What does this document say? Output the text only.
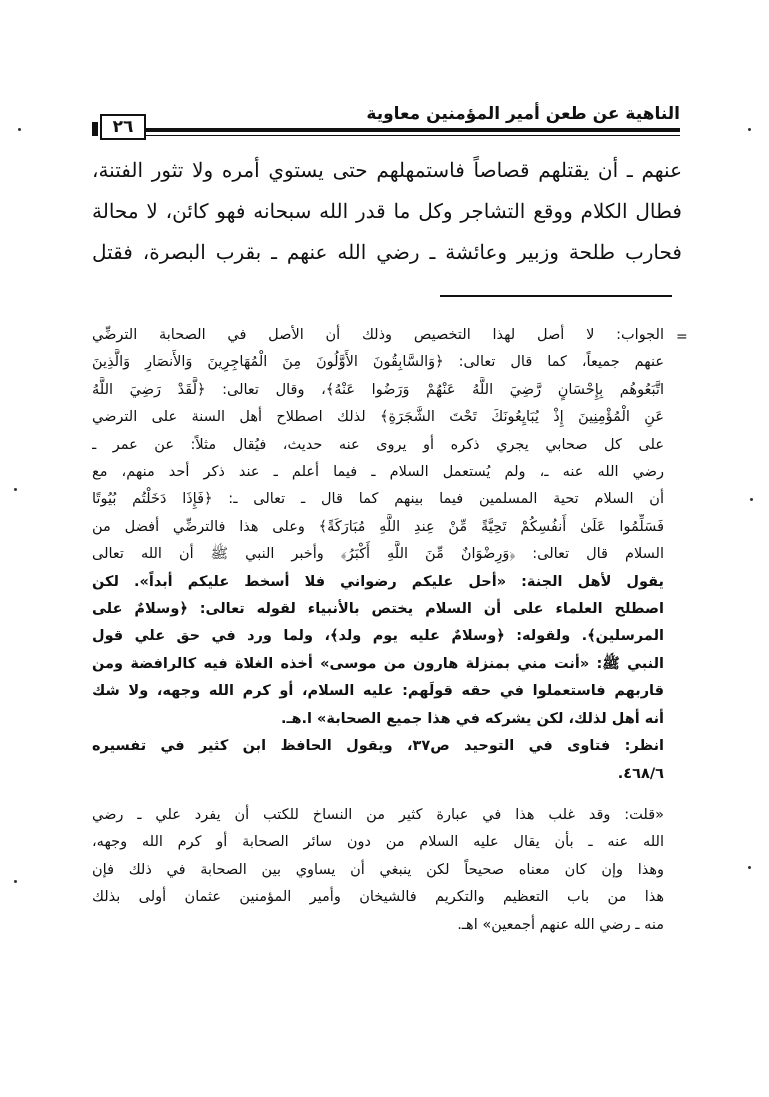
الناهية عن طعن أمير المؤمنين معاوية
٢٦
عنهم ـ أن يقتلهم قصاصاً فاستمهلهم حتى يستوي أمره ولا تثور الفتنة،
فطال الكلام ووقع التشاجر وكل ما قدر الله سبحانه فهو كائن، لا محالة
فحارب طلحة وزبير وعائشة ـ رضي الله عنهم ـ بقرب البصرة، فقتل
=
الجواب: لا أصل لهذا التخصيص وذلك أن الأصل في الصحابة الترضِّي
عنهم جميعاً، كما قال تعالى: ﴿وَالسَّابِقُونَ الأَوَّلُونَ مِنَ الْمُهَاجِرِينَ وَالأَنصَارِ وَالَّذِينَ
اتَّبَعُوهُم بِإِحْسَانٍ رَّضِيَ اللَّهُ عَنْهُمْ وَرَضُوا عَنْهُ﴾، وقال تعالى: ﴿لَّقَدْ رَضِيَ اللَّهُ
عَنِ الْمُؤْمِنِينَ إِذْ يُبَايِعُونَكَ تَحْتَ الشَّجَرَةِ﴾ لذلك اصطلاح أهل السنة على الترضي
على كل صحابي يجري ذكره أو يروى عنه حديث، فيُقال مثلاً: عن عمر ـ
رضي الله عنه ـ، ولم يُستعمل السلام ـ فيما أعلم ـ عند ذكر أحد منهم، مع
أن السلام تحية المسلمين فيما بينهم كما قال ـ تعالى ـ: ﴿فَإِذَا دَخَلْتُم بُيُوتًا
فَسَلِّمُوا عَلَىٰ أَنفُسِكُمْ تَحِيَّةً مِّنْ عِندِ اللَّهِ مُبَارَكَةً﴾ وعلى هذا فالترضِّي أفضل من
السلام قال تعالى: ﴿وَرِضْوَانٌ مِّنَ اللَّهِ أَكْبَرُ﴾ وأخبر النبي ﷺ أن الله تعالى
يقول لأهل الجنة: «أحل عليكم رضواني فلا أسخط عليكم أبداً». لكن
اصطلح العلماء على أن السلام يختص بالأنبياء لقوله تعالى: ﴿وسلامٌ على
المرسلين﴾. ولقوله: ﴿وسلامٌ عليه يوم ولد﴾، ولما ورد في حق علي قول
النبي ﷺ: «أنت مني بمنزلة هارون من موسى» أخذه الغلاة فيه كالرافضة ومن
قاربهم فاستعملوا في حقه قولَهم: عليه السلام، أو كرم الله وجهه، ولا شك
أنه أهل لذلك، لكن يشركه في هذا جميع الصحابة» ا.هـ.
انظر: فتاوى في التوحيد ص٣٧، ويقول الحافظ ابن كثير في تفسيره
٤٦٨/٦.
«قلت: وقد غلب هذا في عبارة كثير من النساخ للكتب أن يفرد علي ـ رضي
الله عنه ـ بأن يقال عليه السلام من دون سائر الصحابة أو كرم الله وجهه،
وهذا وإن كان معناه صحيحاً لكن ينبغي أن يساوي بين الصحابة في ذلك فإن
هذا من باب التعظيم والتكريم فالشيخان وأمير المؤمنين عثمان أولى بذلك
منه ـ رضي الله عنهم أجمعين» اهـ.
